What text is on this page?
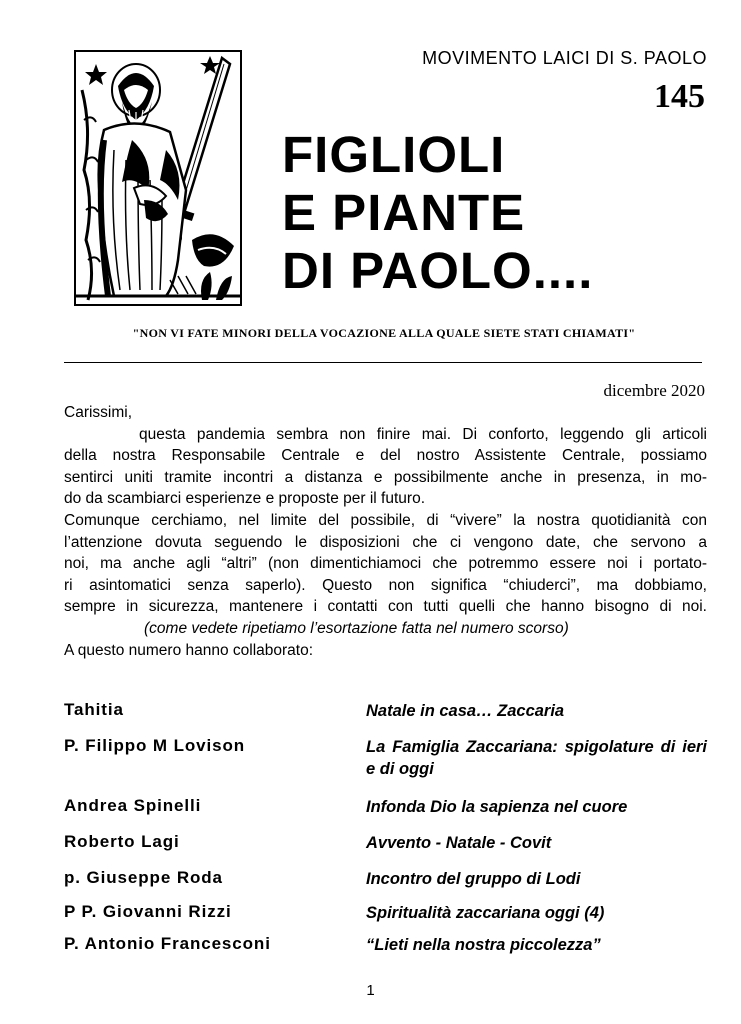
MOVIMENTO LAICI DI S. PAOLO
145
FIGLIOLI
E PIANTE
DI PAOLO....
"NON VI FATE MINORI DELLA VOCAZIONE ALLA QUALE SIETE STATI CHIAMATI"
dicembre 2020
Carissimi,
questa pandemia sembra non finire mai. Di conforto, leggendo gli articoli
della nostra Responsabile Centrale e del nostro Assistente Centrale, possiamo
sentirci uniti tramite incontri a distanza e possibilmente anche in presenza, in mo-
do da scambiarci esperienze e proposte per il futuro.
Comunque cerchiamo, nel limite del possibile, di “vivere” la nostra quotidianità con
l’attenzione dovuta seguendo le disposizioni che ci vengono date, che servono a
noi, ma anche agli “altri” (non dimentichiamoci che potremmo essere noi i portato-
ri asintomatici senza saperlo). Questo non significa “chiuderci”, ma dobbiamo,
sempre in sicurezza, mantenere i contatti con tutti quelli che hanno bisogno di noi.
(come vedete ripetiamo l’esortazione fatta nel numero scorso)
A questo numero hanno collaborato:
Tahitia	Natale in casa… Zaccaria
P. Filippo M Lovison	La Famiglia Zaccariana: spigolature di ieri e di oggi
Andrea Spinelli	Infonda Dio la sapienza nel cuore
Roberto Lagi	Avvento - Natale - Covit
p. Giuseppe Roda	Incontro del gruppo di Lodi
P P. Giovanni Rizzi	Spiritualità zaccariana oggi (4)
P. Antonio Francesconi	“Lieti nella nostra piccolezza”
1
